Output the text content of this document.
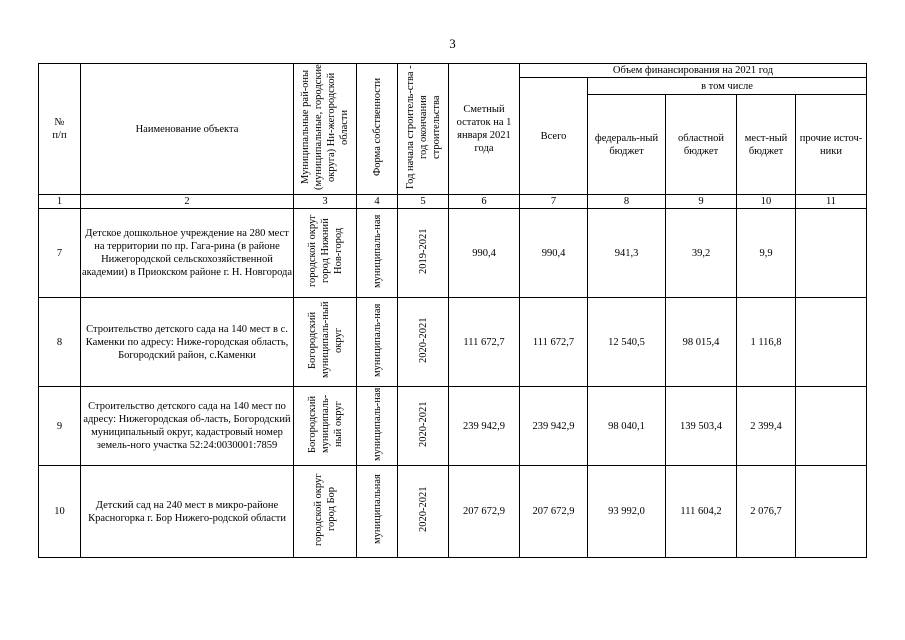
3
№
п/п	Наименование объекта	Муниципальные рай-оны (муниципальные, городские округа) Ни-жегородской области	Форма собственности	Год начала строитель-ства - год окончания строительства	Сметный остаток на 1 января 2021 года	Объем финансирования на 2021 год				
						Всего	в том числе			
							федераль-ный бюджет	областной бюджет	мест-ный бюджет	прочие источ-ники
1	2	3	4	5	6	7	8	9	10	11
7	Детское дошкольное учреждение на 280 мест на территории по пр. Гага-рина (в районе Нижегородской сельскохозяйственной академии) в Приокском районе г. Н. Новгорода	городской округ город Нижний Нов-город	муниципаль-ная	2019-2021	990,4	990,4	941,3	39,2	9,9	
8	Строительство детского сада на 140 мест в с. Каменки по адресу: Ниже-городская область, Богородский район, с.Каменки	Богородский муниципаль-ный округ	муниципаль-ная	2020-2021	111 672,7	111 672,7	12 540,5	98 015,4	1 116,8	
9	Строительство детского сада на 140 мест по адресу: Нижегородская об-ласть, Богородский муниципальный округ, кадастровый номер земель-ного участка 52:24:0030001:7859	Богородский муниципаль-ный округ	муниципаль-ная	2020-2021	239 942,9	239 942,9	98 040,1	139 503,4	2 399,4	
10	Детский сад на 240 мест в микро-районе Красногорка г. Бор Нижего-родской области	городской округ город Бор	муниципальная	2020-2021	207 672,9	207 672,9	93 992,0	111 604,2	2 076,7	
